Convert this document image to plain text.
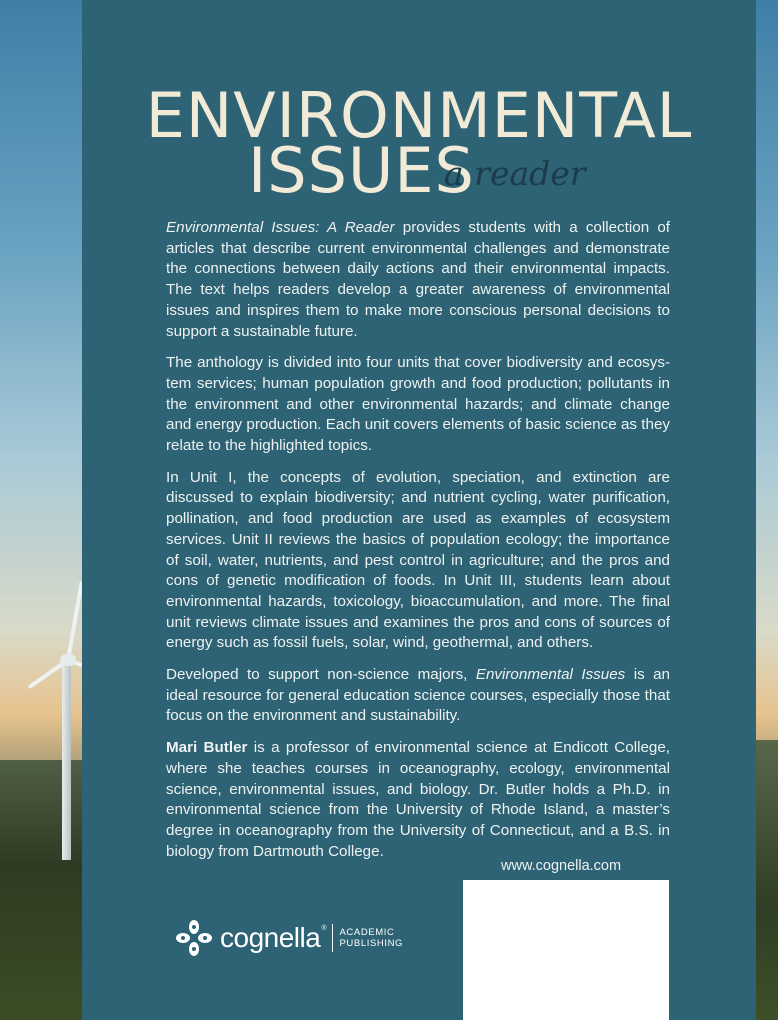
ENVIRONMENTAL
ISSUES
a reader

Environmental Issues: A Reader provides students with a collection of articles that describe current environmental challenges and demonstrate the connections between daily actions and their environmental impacts. The text helps readers develop a greater awareness of environmental issues and inspires them to make more conscious personal decisions to support a sustainable future.

The anthology is divided into four units that cover biodiversity and ecosys-tem services; human population growth and food production; pollutants in the environment and other environmental hazards; and climate change and energy production. Each unit covers elements of basic science as they relate to the highlighted topics.

In Unit I, the concepts of evolution, speciation, and extinction are discussed to explain biodiversity; and nutrient cycling, water purification, pollination, and food production are used as examples of ecosystem services. Unit II reviews the basics of population ecology; the importance of soil, water, nutrients, and pest control in agriculture; and the pros and cons of genetic modification of foods. In Unit III, students learn about environmental hazards, toxicology, bioaccumulation, and more. The final unit reviews climate issues and examines the pros and cons of sources of energy such as fossil fuels, solar, wind, geothermal, and others.

Developed to support non-science majors, Environmental Issues is an ideal resource for general education science courses, especially those that focus on the environment and sustainability.

Mari Butler is a professor of environmental science at Endicott College, where she teaches courses in oceanography, ecology, environmental science, environmental issues, and biology. Dr. Butler holds a Ph.D. in environmental science from the University of Rhode Island, a master’s degree in oceanography from the University of Connecticut, and a B.S. in biology from Dartmouth College.

www.cognella.com
cognella ® ACADEMIC
PUBLISHING
